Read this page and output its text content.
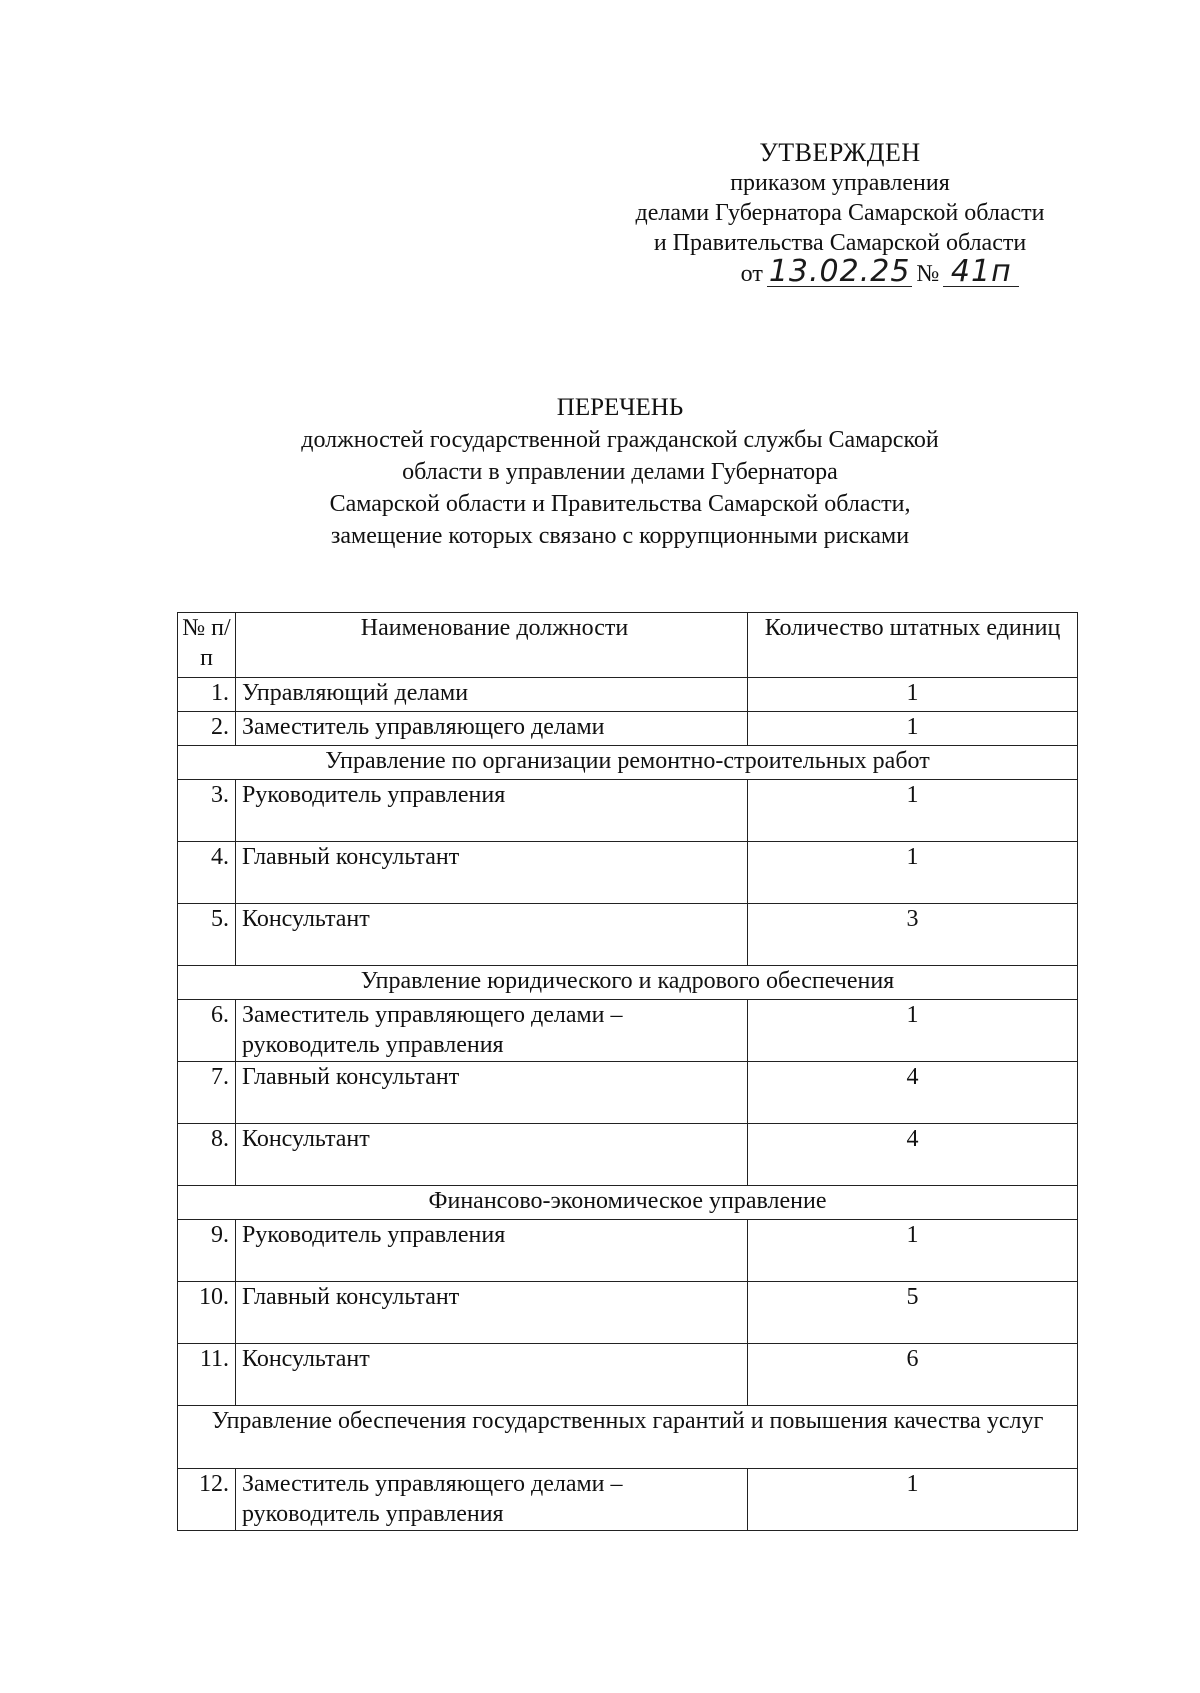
УТВЕРЖДЕН
приказом управления
делами Губернатора Самарской области
и Правительства Самарской области
от 13.02.25 № 41п
ПЕРЕЧЕНЬ
должностей государственной гражданской службы Самарской
области в управлении делами Губернатора
Самарской области и Правительства Самарской области,
замещение которых связано с коррупционными рисками
№ п/п	Наименование должности	Количество штатных единиц
1.	Управляющий делами	1
2.	Заместитель управляющего делами	1
Управление по организации ремонтно-строительных работ		
3.	Руководитель управления	1
4.	Главный консультант	1
5.	Консультант	3
Управление юридического и кадрового обеспечения		
6.	Заместитель управляющего делами – руководитель управления	1
7.	Главный консультант	4
8.	Консультант	4
Финансово-экономическое управление		
9.	Руководитель управления	1
10.	Главный консультант	5
11.	Консультант	6
Управление обеспечения государственных гарантий и повышения качества услуг		
12.	Заместитель управляющего делами – руководитель управления	1
